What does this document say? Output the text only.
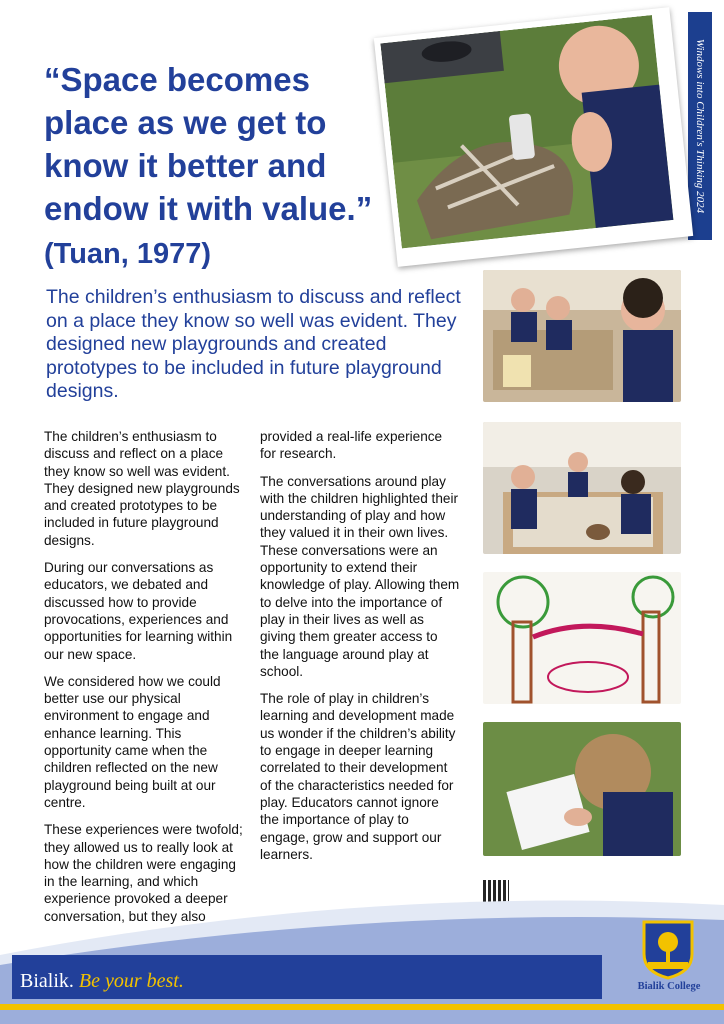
Windows into Children's Thinking 2024
“Space becomes place as we get to know it better and endow it with value.” (Tuan, 1977)

The children’s enthusiasm to discuss and reflect on a place they know so well was evident. They designed new playgrounds and created prototypes to be included in future playground designs.

The children’s enthusiasm to discuss and reflect on a place they know so well was evident. They designed new playgrounds and created prototypes to be included in future playground designs.

During our conversations as educators, we debated and discussed how to provide provocations, experiences and opportunities for learning within our new space.

We considered how we could better use our physical environment to engage and enhance learning. This opportunity came when the children reflected on the new playground being built at our centre.

These experiences were twofold; they allowed us to really look at how the children were engaging in the learning, and which experience provoked a deeper conversation, but they also

provided a real-life experience for research.

The conversations around play with the children highlighted their understanding of play and how they valued it in their own lives. These conversations were an opportunity to extend their knowledge of play. Allowing them to delve into the importance of play in their lives as well as giving them greater access to the language around play at school.

The role of play in children’s learning and development made us wonder if the children’s ability to engage in deeper learning correlated to their development of the characteristics needed for play. Educators cannot ignore the importance of play to engage, grow and support our learners.

Bialik. Be your best.	Bialik College
